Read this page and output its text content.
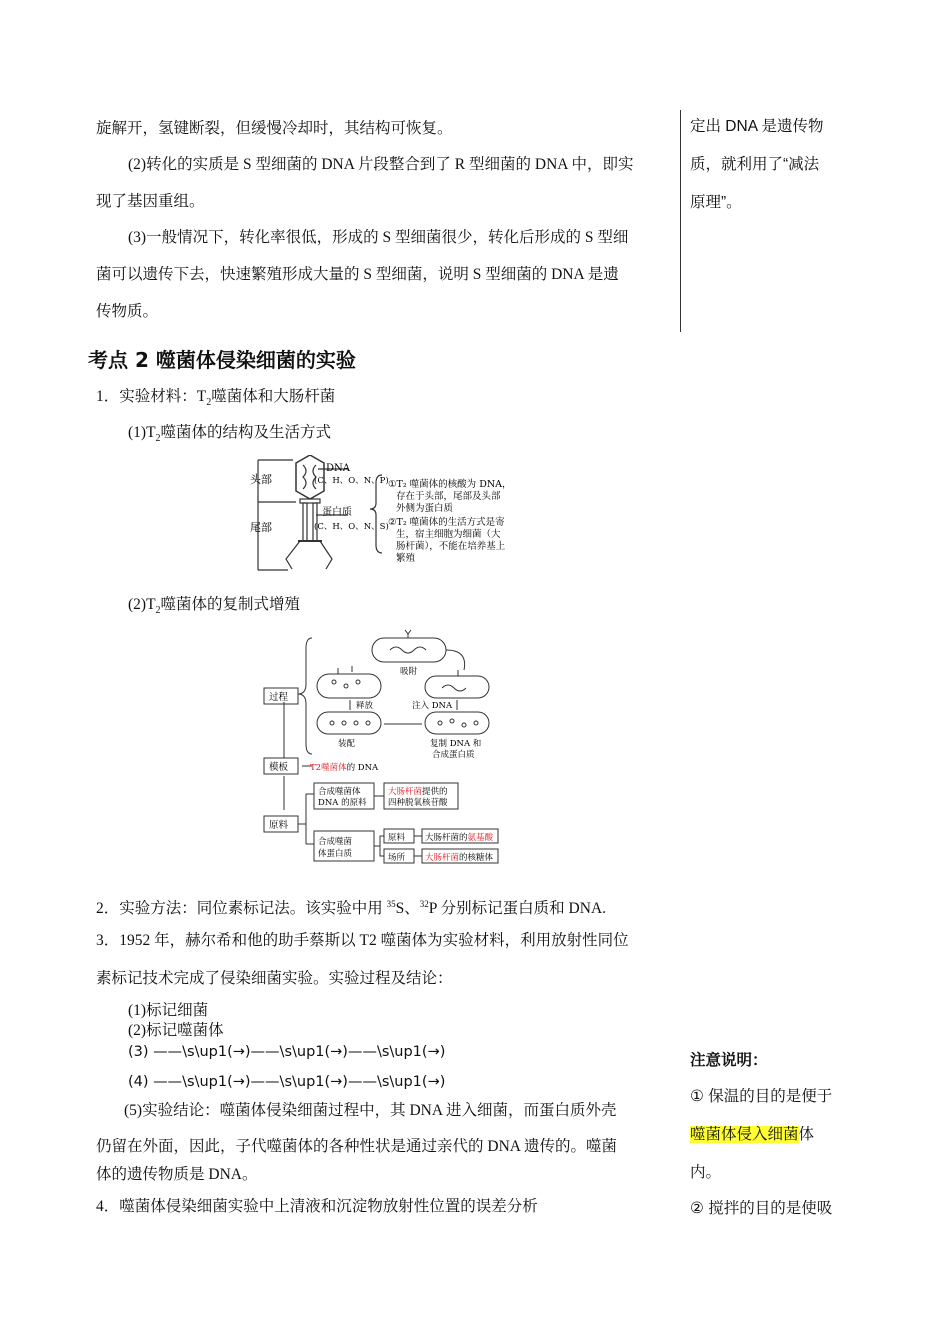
旋解开，氢键断裂，但缓慢冷却时，其结构可恢复。
(2)转化的实质是 S 型细菌的 DNA 片段整合到了 R 型细菌的 DNA 中，即实
现了基因重组。
(3)一般情况下，转化率很低，形成的 S 型细菌很少，转化后形成的 S 型细
菌可以遗传下去，快速繁殖形成大量的 S 型细菌，说明 S 型细菌的 DNA 是遗
传物质。
定出 DNA 是遗传物
质，就利用了“减法
原理”。
考点 2 噬菌体侵染细菌的实验
1．实验材料：$T_2$噬菌体和大肠杆菌
$(1)T_2$噬菌体的结构及生活方式
头部
尾部
DNA
(C、H、O、N、P)
蛋白质
(C、H、O、N、S)
①T₂ 噬菌体的核酸为 DNA，
存在于头部，尾部及头部
外侧为蛋白质
②T₂ 噬菌体的生活方式是寄
生，宿主细胞为细菌（大
肠杆菌），不能在培养基上
繁殖
$(2)T_2$噬菌体的复制式增殖
过程
模板
原料
吸附
注入 DNA
释放
装配	复制 DNA 和
合成蛋白质
T2噬菌体的 DNA
合成噬菌体
DNA 的原料
大肠杆菌提供的
四种脱氧核苷酸
合成噬菌
体蛋白质
原料
场所
大肠杆菌的氨基酸
大肠杆菌的核糖体
2．实验方法：同位素标记法。该实验中用 $^{35}$S、$^{32}$P 分别标记蛋白质和 DNA.
3．1952 年，赫尔希和他的助手蔡斯以 T2 噬菌体为实验材料，利用放射性同位
素标记技术完成了侵染细菌实验。实验过程及结论：
(1)标记细菌
(2)标记噬菌体
(3) ——\s\up1(→)——\s\up1(→)——\s\up1(→)
(4) ——\s\up1(→)——\s\up1(→)——\s\up1(→)
(5)实验结论：噬菌体侵染细菌过程中，其 DNA 进入细菌，而蛋白质外壳
仍留在外面，因此，子代噬菌体的各种性状是通过亲代的 DNA 遗传的。噬菌
体的遗传物质是 DNA。
4．噬菌体侵染细菌实验中上清液和沉淀物放射性位置的误差分析
注意说明：
① 保温的目的是便于
噬菌体侵入细菌体
内。
② 搅拌的目的是使吸
